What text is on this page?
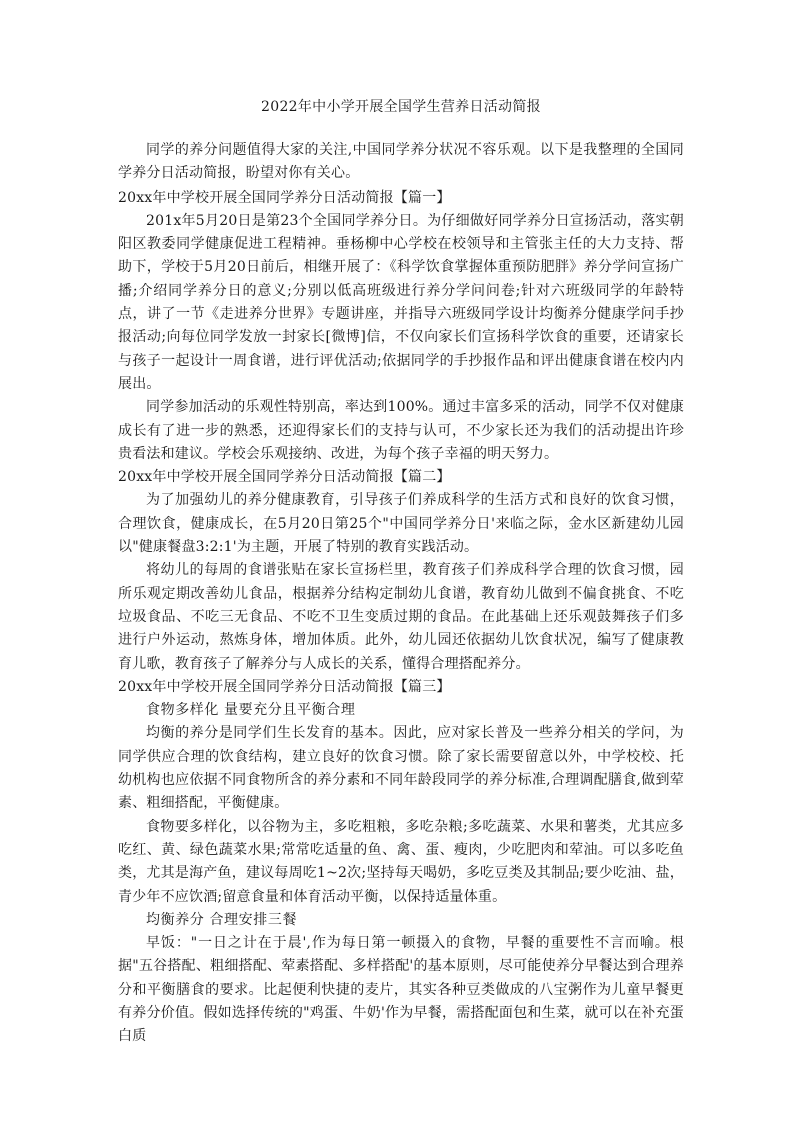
2022年中小学开展全国学生营养日活动简报

同学的养分问题值得大家的关注,中国同学养分状况不容乐观。以下是我整理的全国同学养分日活动简报，盼望对你有关心。

20xx年中学校开展全国同学养分日活动简报【篇一】

201x年5月20日是第23个全国同学养分日。为仔细做好同学养分日宣扬活动，落实朝阳区教委同学健康促进工程精神。垂杨柳中心学校在校领导和主管张主任的大力支持、帮助下，学校于5月20日前后，相继开展了：《科学饮食掌握体重预防肥胖》养分学问宣扬广播;介绍同学养分日的意义;分别以低高班级进行养分学问问卷;针对六班级同学的年龄特点，讲了一节《走进养分世界》专题讲座，并指导六班级同学设计均衡养分健康学问手抄报活动;向每位同学发放一封家长[微博]信，不仅向家长们宣扬科学饮食的重要，还请家长与孩子一起设计一周食谱，进行评优活动;依据同学的手抄报作品和评出健康食谱在校内内展出。

同学参加活动的乐观性特别高，率达到100%。通过丰富多采的活动，同学不仅对健康成长有了进一步的熟悉，还迎得家长们的支持与认可，不少家长还为我们的活动提出许珍贵看法和建议。学校会乐观接纳、改进，为每个孩子幸福的明天努力。

20xx年中学校开展全国同学养分日活动简报【篇二】

为了加强幼儿的养分健康教育，引导孩子们养成科学的生活方式和良好的饮食习惯，合理饮食，健康成长，在5月20日第25个"中国同学养分日'来临之际，金水区新建幼儿园以"健康餐盘3:2:1'为主题，开展了特别的教育实践活动。

将幼儿的每周的食谱张贴在家长宣扬栏里，教育孩子们养成科学合理的饮食习惯，园所乐观定期改善幼儿食品，根据养分结构定制幼儿食谱，教育幼儿做到不偏食挑食、不吃垃圾食品、不吃三无食品、不吃不卫生变质过期的食品。在此基础上还乐观鼓舞孩子们多进行户外运动，熬炼身体，增加体质。此外，幼儿园还依据幼儿饮食状况，编写了健康教育儿歌，教育孩子了解养分与人成长的关系，懂得合理搭配养分。

20xx年中学校开展全国同学养分日活动简报【篇三】

食物多样化 量要充分且平衡合理

均衡的养分是同学们生长发育的基本。因此，应对家长普及一些养分相关的学问，为同学供应合理的饮食结构，建立良好的饮食习惯。除了家长需要留意以外，中学校校、托幼机构也应依据不同食物所含的养分素和不同年龄段同学的养分标准,合理调配膳食,做到荤素、粗细搭配，平衡健康。

食物要多样化，以谷物为主，多吃粗粮，多吃杂粮;多吃蔬菜、水果和薯类，尤其应多吃红、黄、绿色蔬菜水果;常常吃适量的鱼、禽、蛋、瘦肉，少吃肥肉和荤油。可以多吃鱼类，尤其是海产鱼，建议每周吃1~2次;坚持每天喝奶，多吃豆类及其制品;要少吃油、盐，青少年不应饮酒;留意食量和体育活动平衡，以保持适量体重。

均衡养分 合理安排三餐

早饭："一日之计在于晨',作为每日第一顿摄入的食物，早餐的重要性不言而喻。根据"五谷搭配、粗细搭配、荤素搭配、多样搭配'的基本原则，尽可能使养分早餐达到合理养分和平衡膳食的要求。比起便利快捷的麦片，其实各种豆类做成的八宝粥作为儿童早餐更有养分价值。假如选择传统的"鸡蛋、牛奶'作为早餐，需搭配面包和生菜，就可以在补充蛋白质
